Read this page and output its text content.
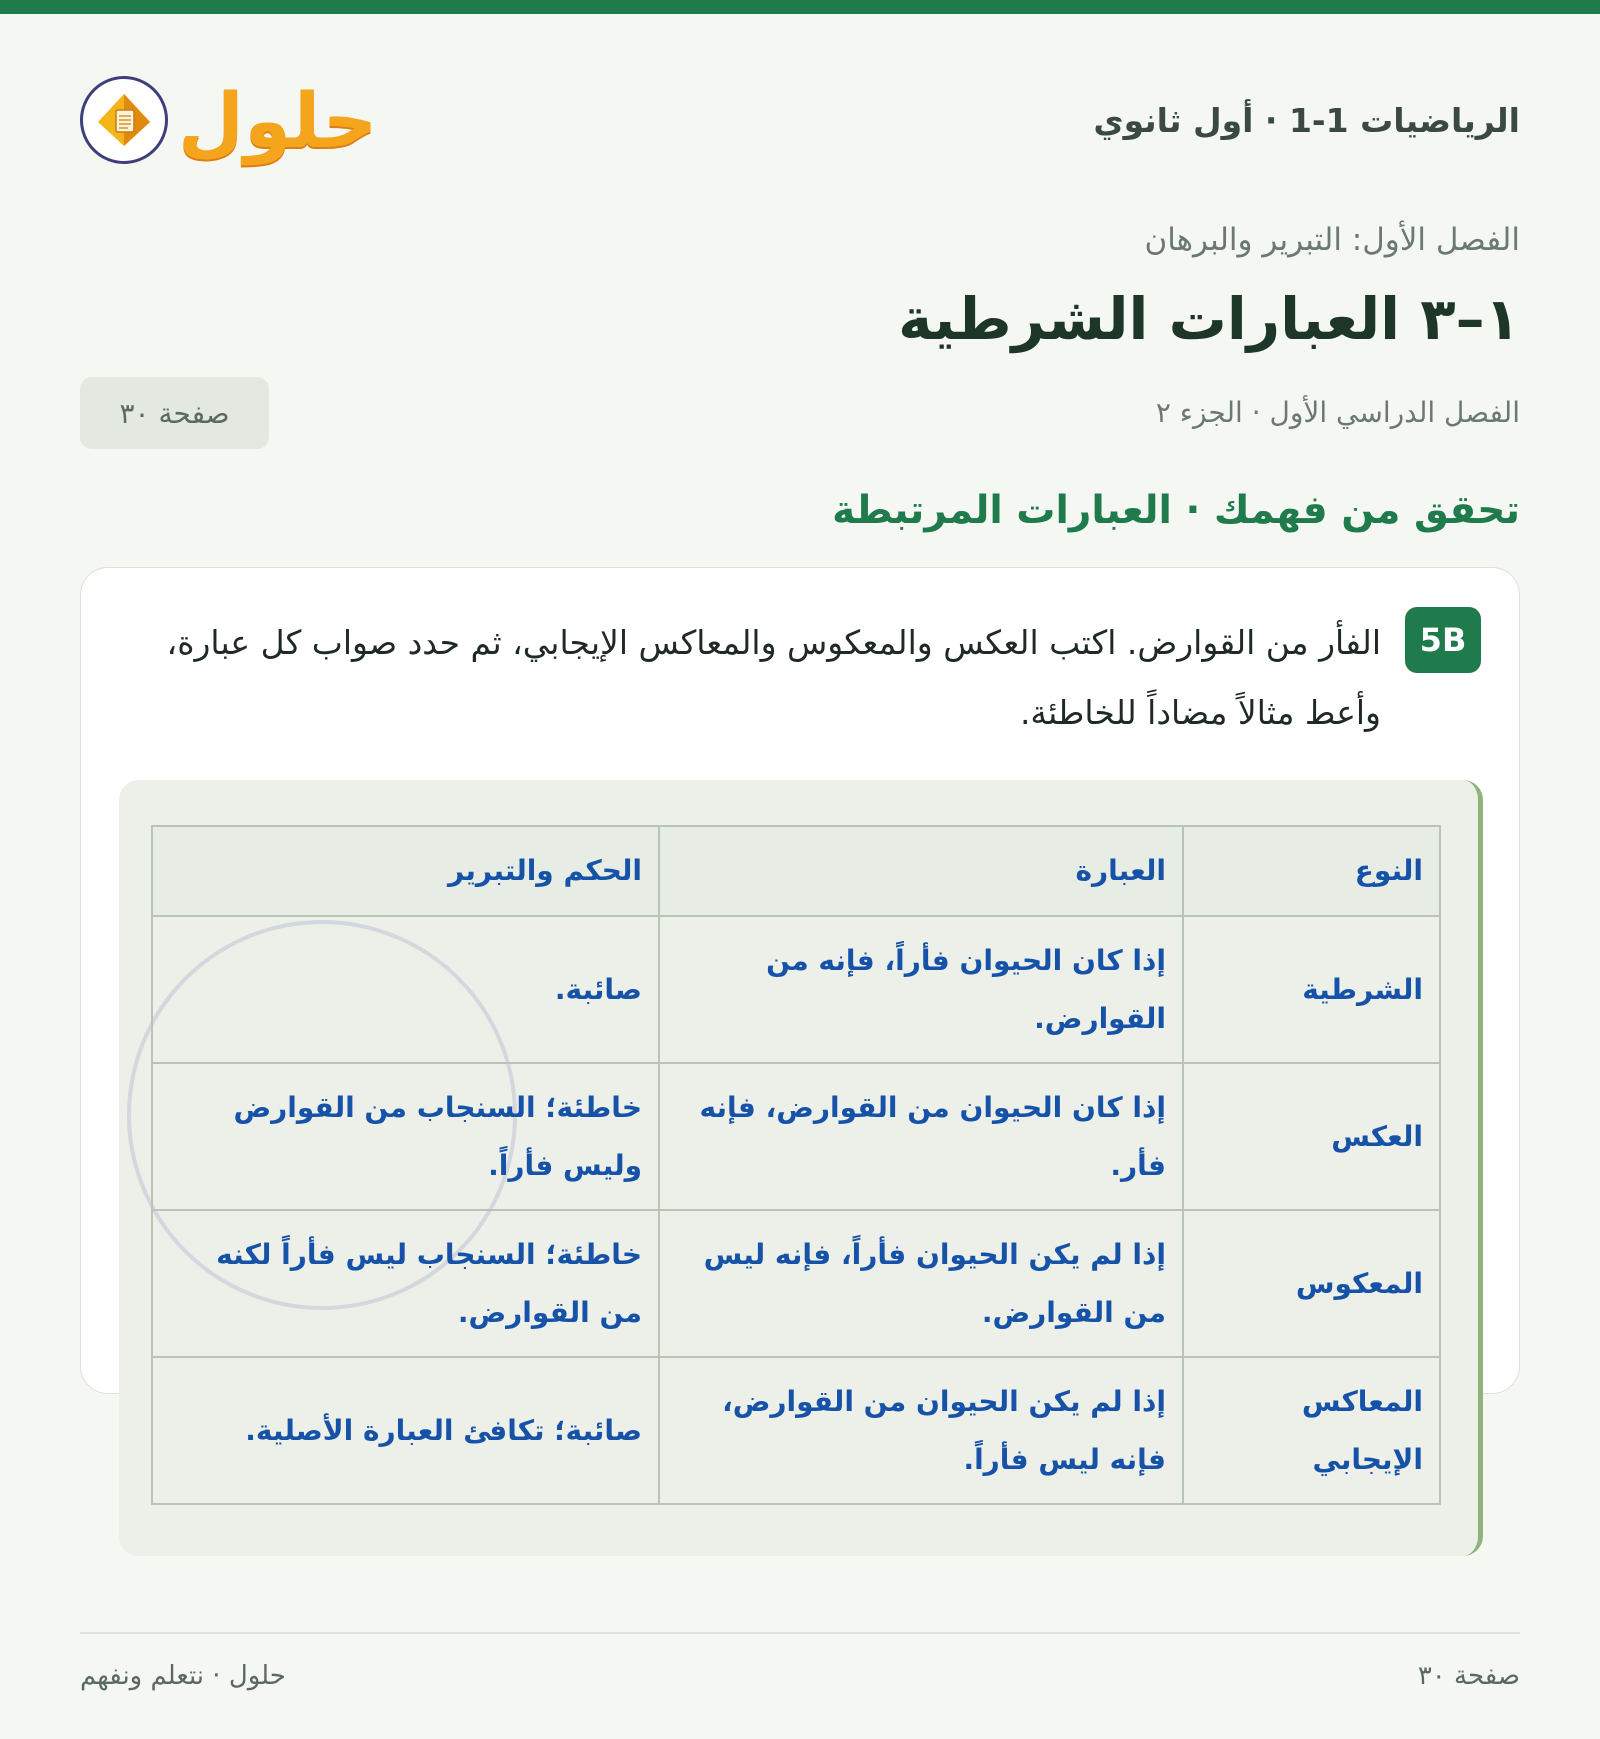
الرياضيات 1-1 · أول ثانوي
حلول
الفصل الأول: التبرير والبرهان
١–٣ العبارات الشرطية
الفصل الدراسي الأول · الجزء ٢
صفحة ٣٠
تحقق من فهمك · العبارات المرتبطة
5B

الفأر من القوارض. اكتب العكس والمعكوس والمعاكس الإيجابي، ثم حدد صواب كل عبارة، وأعط مثالاً مضاداً للخاطئة.

النوع	العبارة	الحكم والتبرير
الشرطية	إذا كان الحيوان فأراً، فإنه من القوارض.	صائبة.
العكس	إذا كان الحيوان من القوارض، فإنه فأر.	خاطئة؛ السنجاب من القوارض وليس فأراً.
المعكوس	إذا لم يكن الحيوان فأراً، فإنه ليس من القوارض.	خاطئة؛ السنجاب ليس فأراً لكنه من القوارض.
المعاكس الإيجابي	إذا لم يكن الحيوان من القوارض، فإنه ليس فأراً.	صائبة؛ تكافئ العبارة الأصلية.
صفحة ٣٠
حلول · نتعلم ونفهم
